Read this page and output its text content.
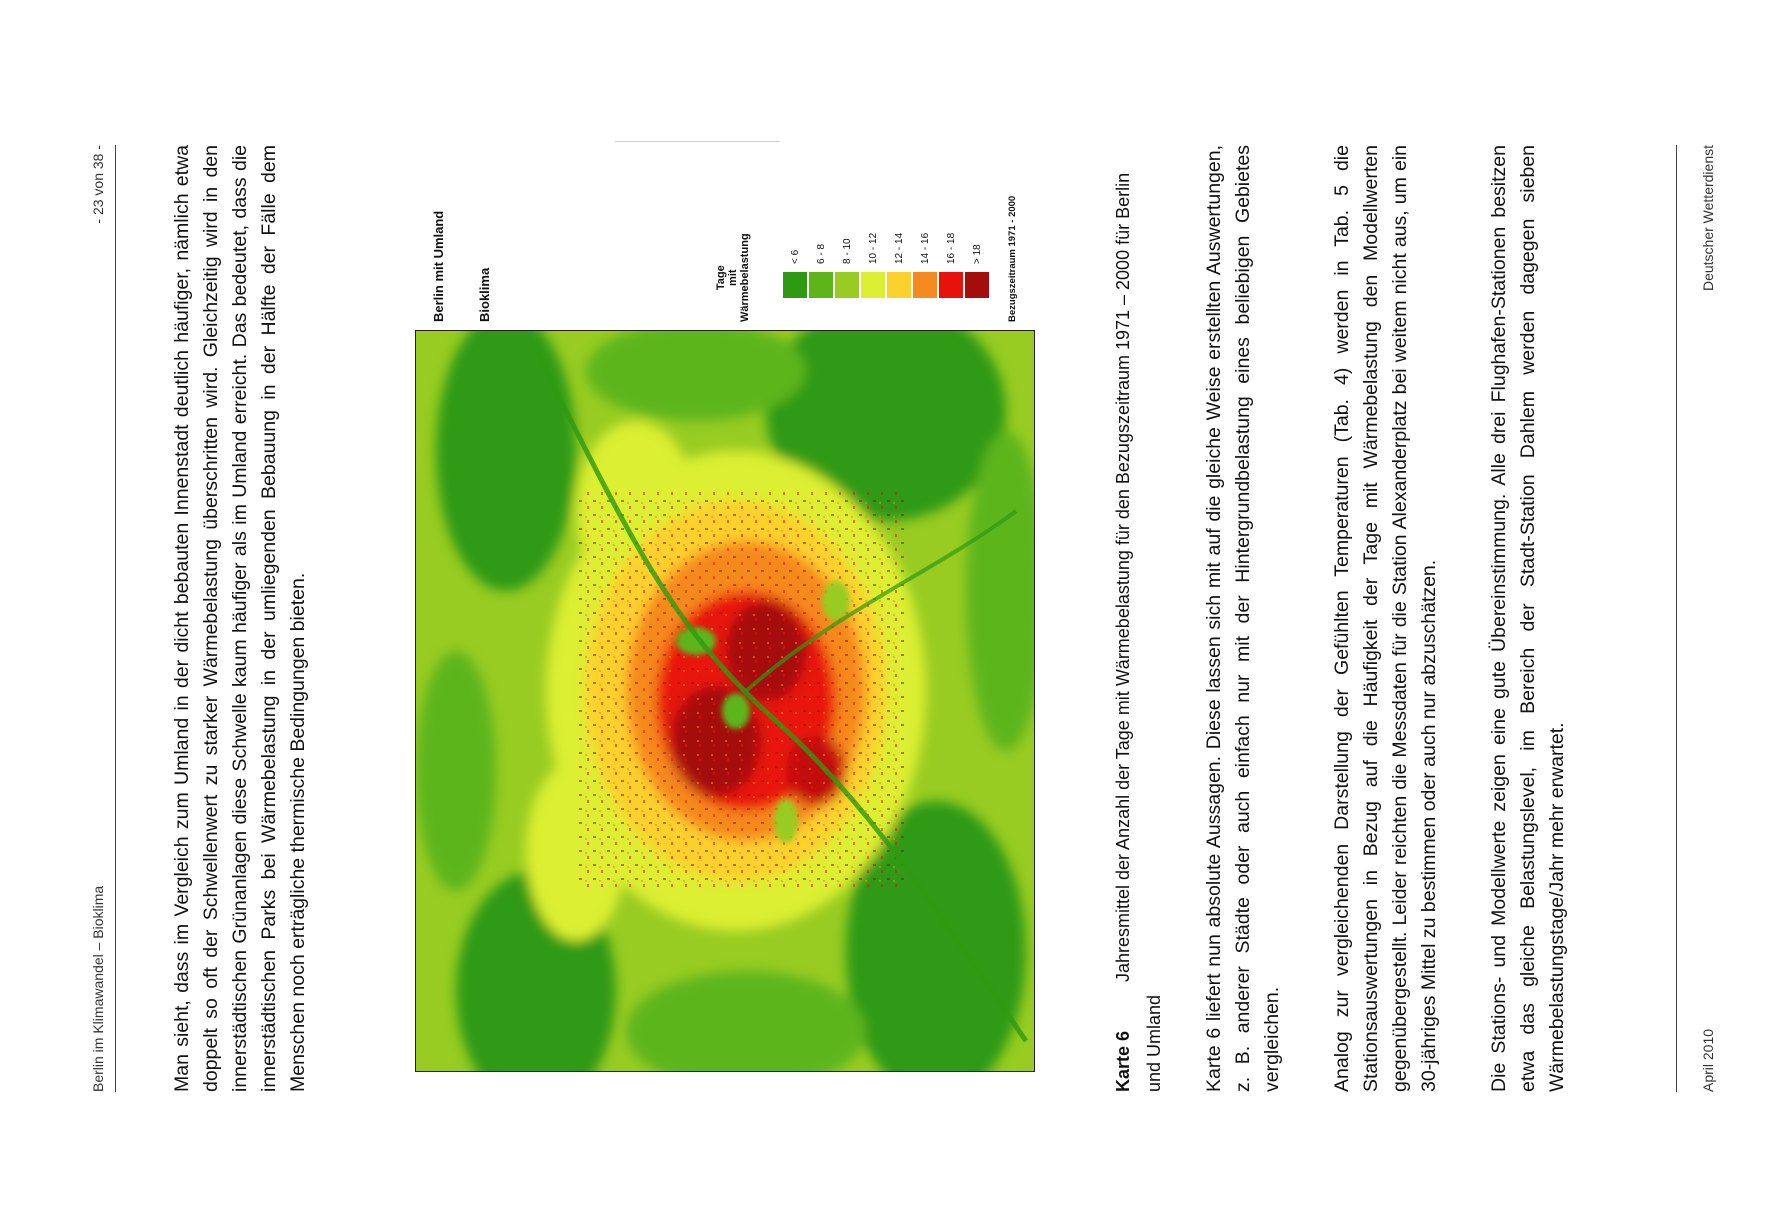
Berlin im Klimawandel – Bioklima
- 23 von 38 -	Man sieht, dass im Vergleich zum Umland in der dicht bebauten Innenstadt deutlich häufiger, nämlich etwa doppelt so oft der Schwellenwert zu starker Wärmebelastung überschritten wird. Gleichzeitig wird in den innerstädtischen Grünanlagen diese Schwelle kaum häufiger als im Umland erreicht. Das bedeutet, dass die innerstädtischen Parks bei Wärmebelastung in der umliegenden Bebauung in der Hälfte der Fälle dem Menschen noch erträgliche thermische Bedingungen bieten.

Berlin mit Umland Bioklima	Tage
mit
Wärmebelastung	< 6 6 - 8 8 - 10 10 - 12 12 - 14 14 - 16 16 - 18 > 18	Bezugszeitraum 1971 - 2000
Karte 6Jahresmittel der Anzahl der Tage mit Wärmebelastung für den Bezugszeitraum 1971 – 2000 für Berlin und Umland	Karte 6 liefert nun absolute Aussagen. Diese lassen sich mit auf die gleiche Weise erstellten Auswertungen, z. B. anderer Städte oder auch einfach nur mit der Hintergrundbelastung eines beliebigen Gebietes vergleichen. Analog zur vergleichenden Darstellung der Gefühlten Temperaturen (Tab. 4) werden in Tab. 5 die Stationsauswertungen in Bezug auf die Häufigkeit der Tage mit Wärmebelastung den Modellwerten gegenübergestellt. Leider reichten die Messdaten für die Station Alexanderplatz bei weitem nicht aus, um ein 30-jähriges Mittel zu bestimmen oder auch nur abzuschätzen. Die Stations- und Modellwerte zeigen eine gute Übereinstimmung. Alle drei Flughafen-Stationen besitzen etwa das gleiche Belastungslevel, im Bereich der Stadt-Station Dahlem werden dagegen sieben Wärmebelastungstage/Jahr mehr erwartet.	April 2010
Deutscher Wetterdienst
